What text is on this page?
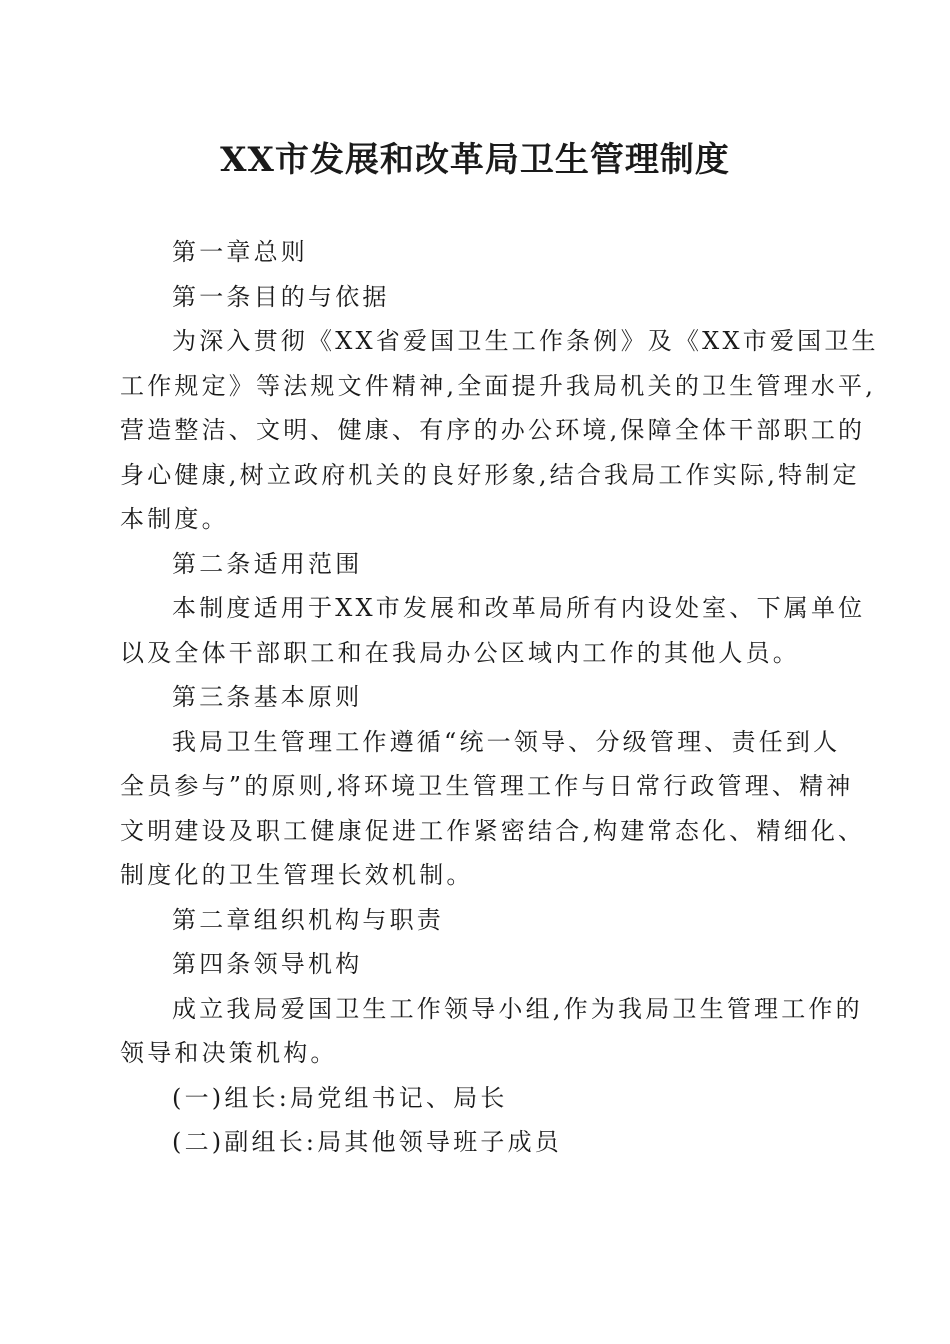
XX市发展和改革局卫生管理制度

第一章总则

第一条目的与依据

为深入贯彻《XX省爱国卫生工作条例》及《XX市爱国卫生

工作规定》等法规文件精神,全面提升我局机关的卫生管理水平,

营造整洁、文明、健康、有序的办公环境,保障全体干部职工的

身心健康,树立政府机关的良好形象,结合我局工作实际,特制定

本制度。

第二条适用范围

本制度适用于XX市发展和改革局所有内设处室、下属单位

以及全体干部职工和在我局办公区域内工作的其他人员。

第三条基本原则

我局卫生管理工作遵循“统一领导、分级管理、责任到人

全员参与”的原则,将环境卫生管理工作与日常行政管理、精神

文明建设及职工健康促进工作紧密结合,构建常态化、精细化、

制度化的卫生管理长效机制。

第二章组织机构与职责

第四条领导机构

成立我局爱国卫生工作领导小组,作为我局卫生管理工作的

领导和决策机构。

(一)组长:局党组书记、局长

(二)副组长:局其他领导班子成员
